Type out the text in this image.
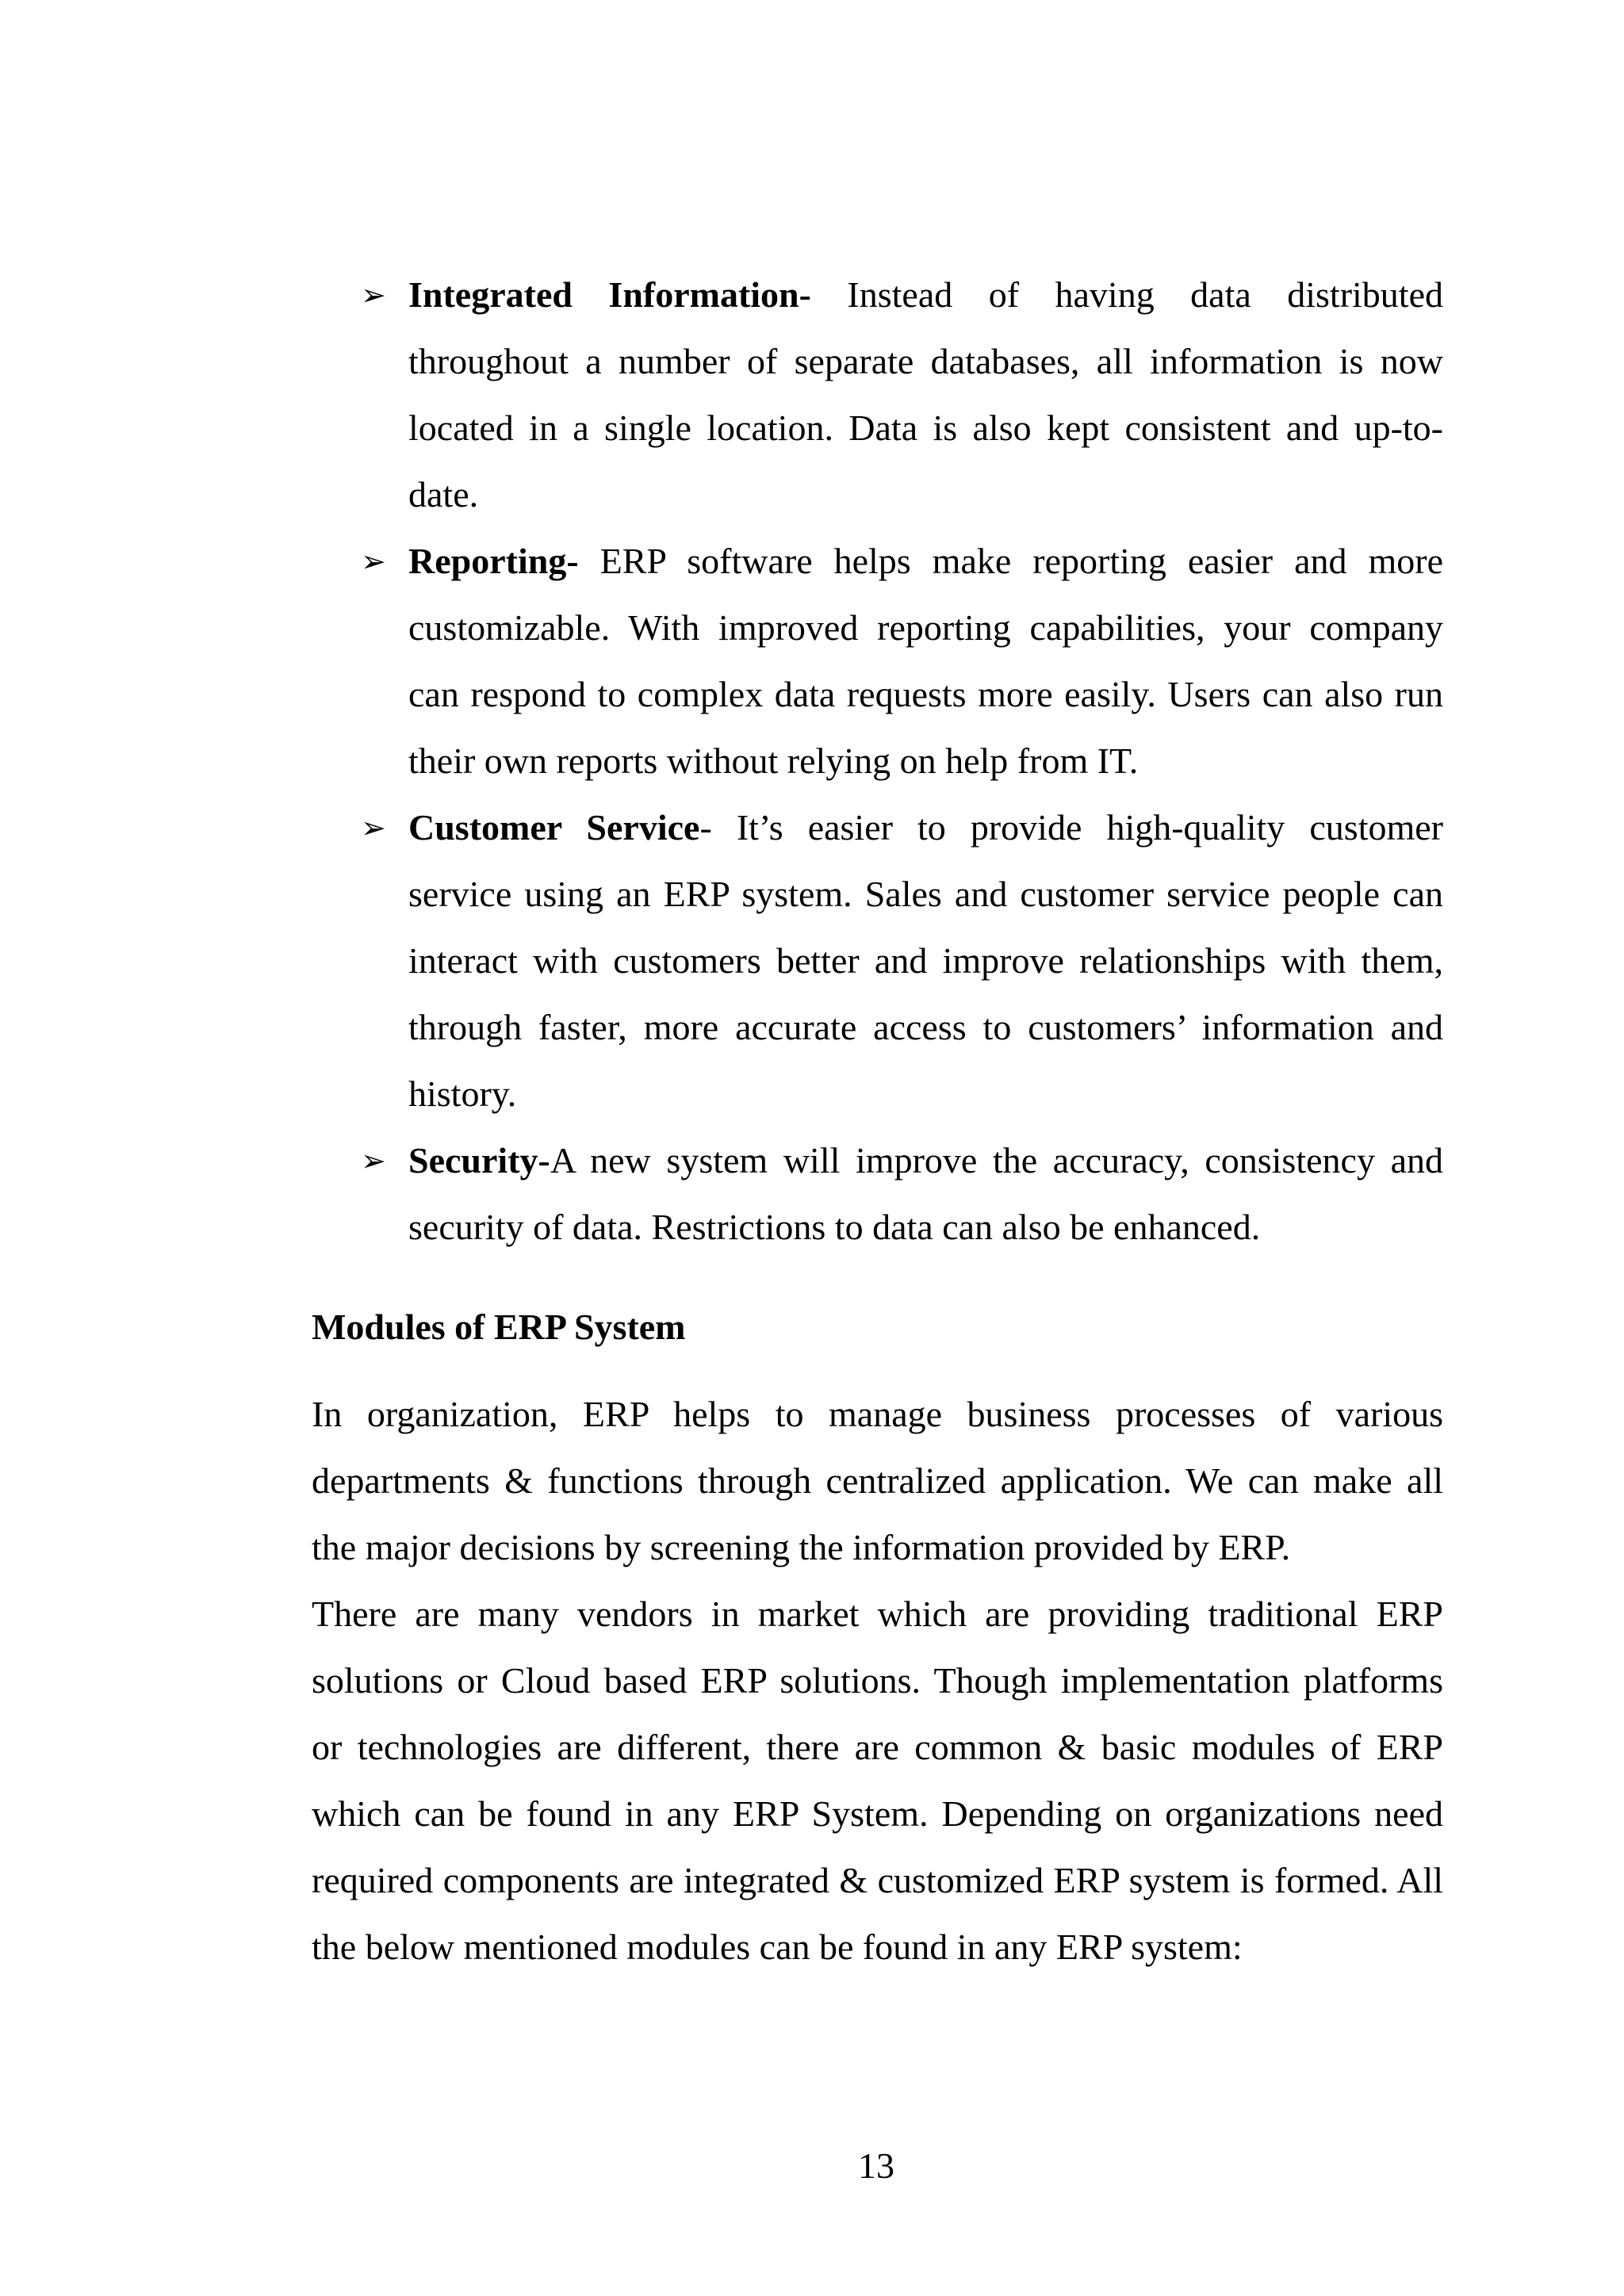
➢ Integrated Information- Instead of having data distributed throughout a number of separate databases, all information is now located in a single location. Data is also kept consistent and up-to-date.
➢ Reporting- ERP software helps make reporting easier and more customizable. With improved reporting capabilities, your company can respond to complex data requests more easily. Users can also run their own reports without relying on help from IT.
➢ Customer Service- It’s easier to provide high-quality customer service using an ERP system. Sales and customer service people can interact with customers better and improve relationships with them, through faster, more accurate access to customers’ information and history.
➢ Security-A new system will improve the accuracy, consistency and security of data. Restrictions to data can also be enhanced.
Modules of ERP System

In organization, ERP helps to manage business processes of various departments & functions through centralized application. We can make all the major decisions by screening the information provided by ERP.

There are many vendors in market which are providing traditional ERP solutions or Cloud based ERP solutions. Though implementation platforms or technologies are different, there are common & basic modules of ERP which can be found in any ERP System. Depending on organizations need required components are integrated & customized ERP system is formed. All the below mentioned modules can be found in any ERP system:

13
